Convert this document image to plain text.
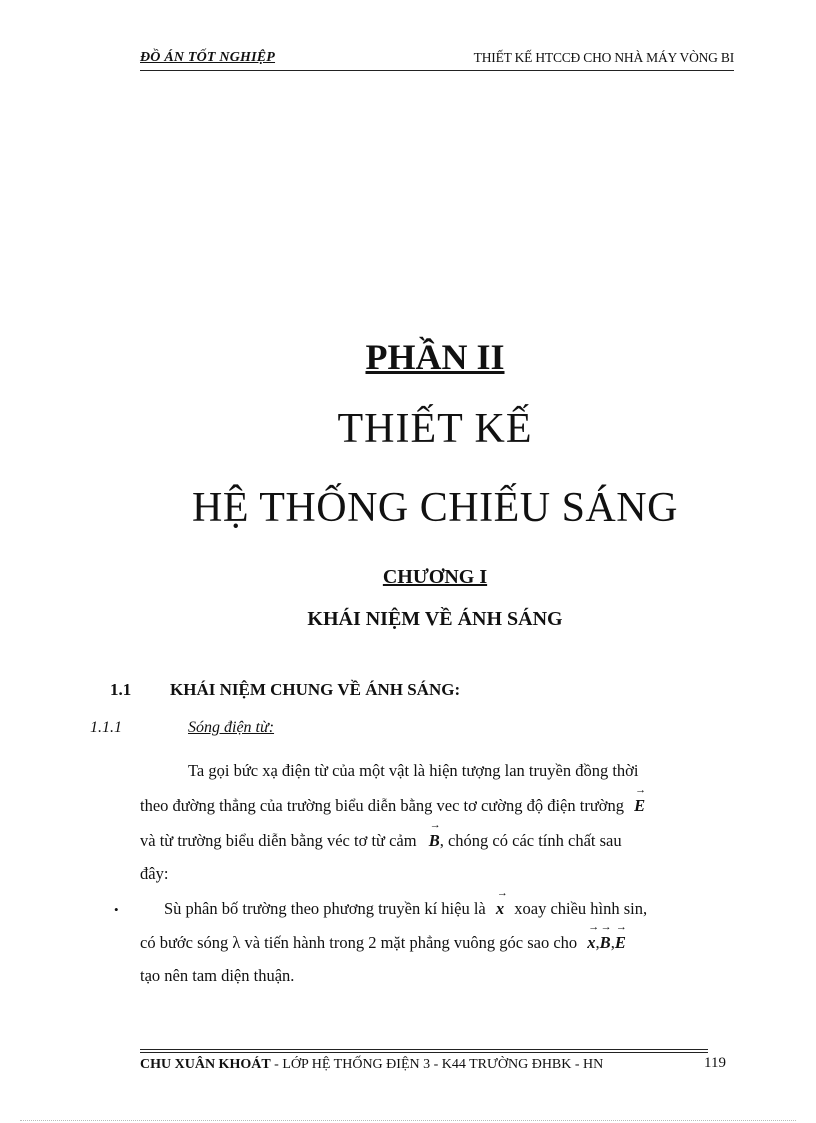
ĐỒ ÁN TỐT NGHIỆP	THIẾT KẾ HTCCĐ CHO NHÀ MÁY VÒNG BI
PHẦN II
THIẾT KẾ
HỆ THỐNG CHIẾU SÁNG
CHƯƠNG I
KHÁI NIỆM VỀ ÁNH SÁNG
1.1 KHÁI NIỆM CHUNG VỀ ÁNH SÁNG:
1.1.1	Sóng điện từ:
Ta gọi bức xạ điện từ của một vật là hiện tượng lan truyền đồng thời
theo đường thẳng của trường biểu diễn bằng vec tơ cường độ điện trường → E
và từ trường biểu diễn bằng véc tơ từ cảm → B, chóng có các tính chất sau
đây:
•	Sù phân bố trường theo phương truyền kí hiệu là → x xoay chiều hình sin,
có bước sóng λ và tiến hành trong 2 mặt phẳng vuông góc sao cho → x,→ B,→ E
tạo nên tam diện thuận.
CHU XUÂN KHOÁT - LỚP HỆ THỐNG ĐIỆN 3 - K44 TRƯỜNG ĐHBK - HN	119
